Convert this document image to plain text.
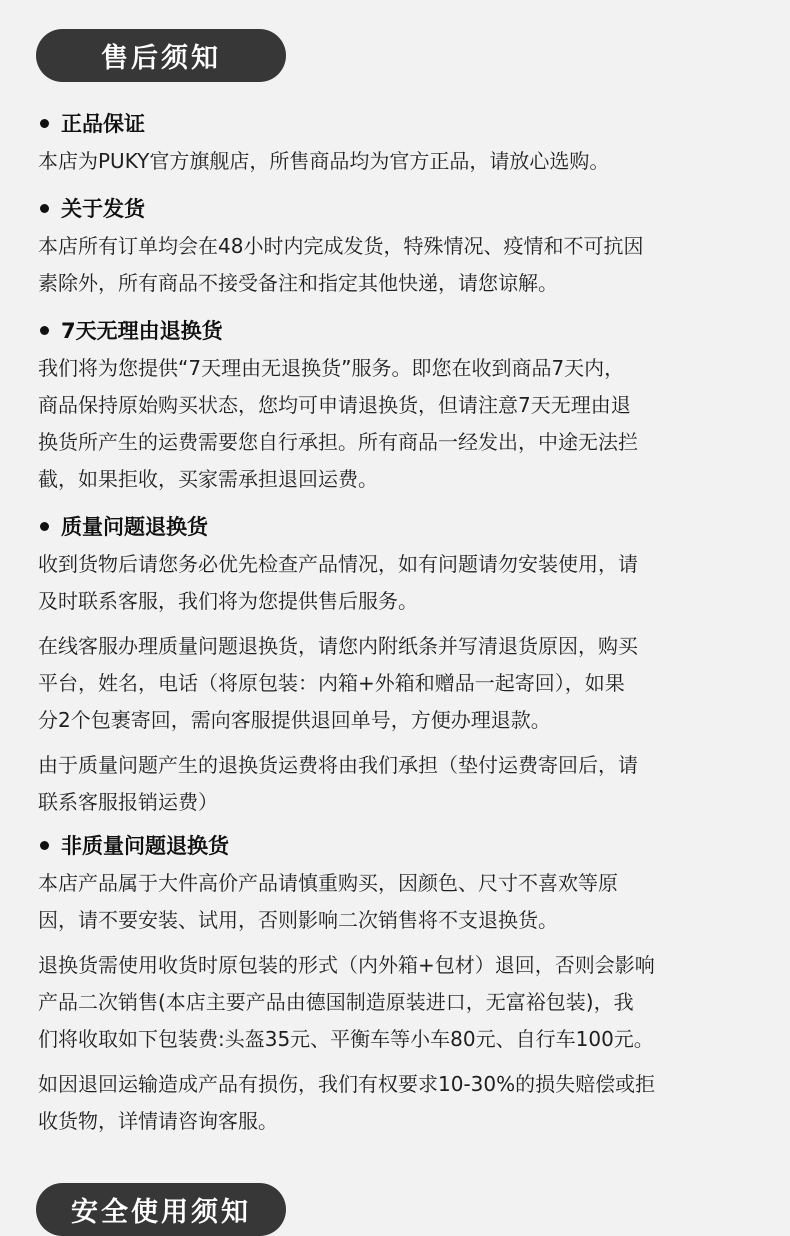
售后须知
正品保证

本店为PUKY官方旗舰店，所售商品均为官方正品，请放心选购。

关于发货

本店所有订单均会在48小时内完成发货，特殊情况、疫情和不可抗因
素除外，所有商品不接受备注和指定其他快递，请您谅解。

7天无理由退换货

我们将为您提供“7天理由无退换货”服务。即您在收到商品7天内，
商品保持原始购买状态，您均可申请退换货，但请注意7天无理由退
换货所产生的运费需要您自行承担。所有商品一经发出，中途无法拦
截，如果拒收，买家需承担退回运费。

质量问题退换货

收到货物后请您务必优先检查产品情况，如有问题请勿安装使用，请
及时联系客服，我们将为您提供售后服务。

在线客服办理质量问题退换货，请您内附纸条并写清退货原因，购买
平台，姓名，电话（将原包装：内箱+外箱和赠品一起寄回），如果
分2个包裹寄回，需向客服提供退回单号，方便办理退款。

由于质量问题产生的退换货运费将由我们承担（垫付运费寄回后，请
联系客服报销运费）

非质量问题退换货

本店产品属于大件高价产品请慎重购买，因颜色、尺寸不喜欢等原
因，请不要安装、试用，否则影响二次销售将不支退换货。

退换货需使用收货时原包装的形式（内外箱+包材）退回，否则会影响
产品二次销售(本店主要产品由德国制造原装进口，无富裕包装)，我
们将收取如下包装费:头盔35元、平衡车等小车80元、自行车100元。

如因退回运输造成产品有损伤，我们有权要求10-30%的损失赔偿或拒
收货物，详情请咨询客服。

安全使用须知
